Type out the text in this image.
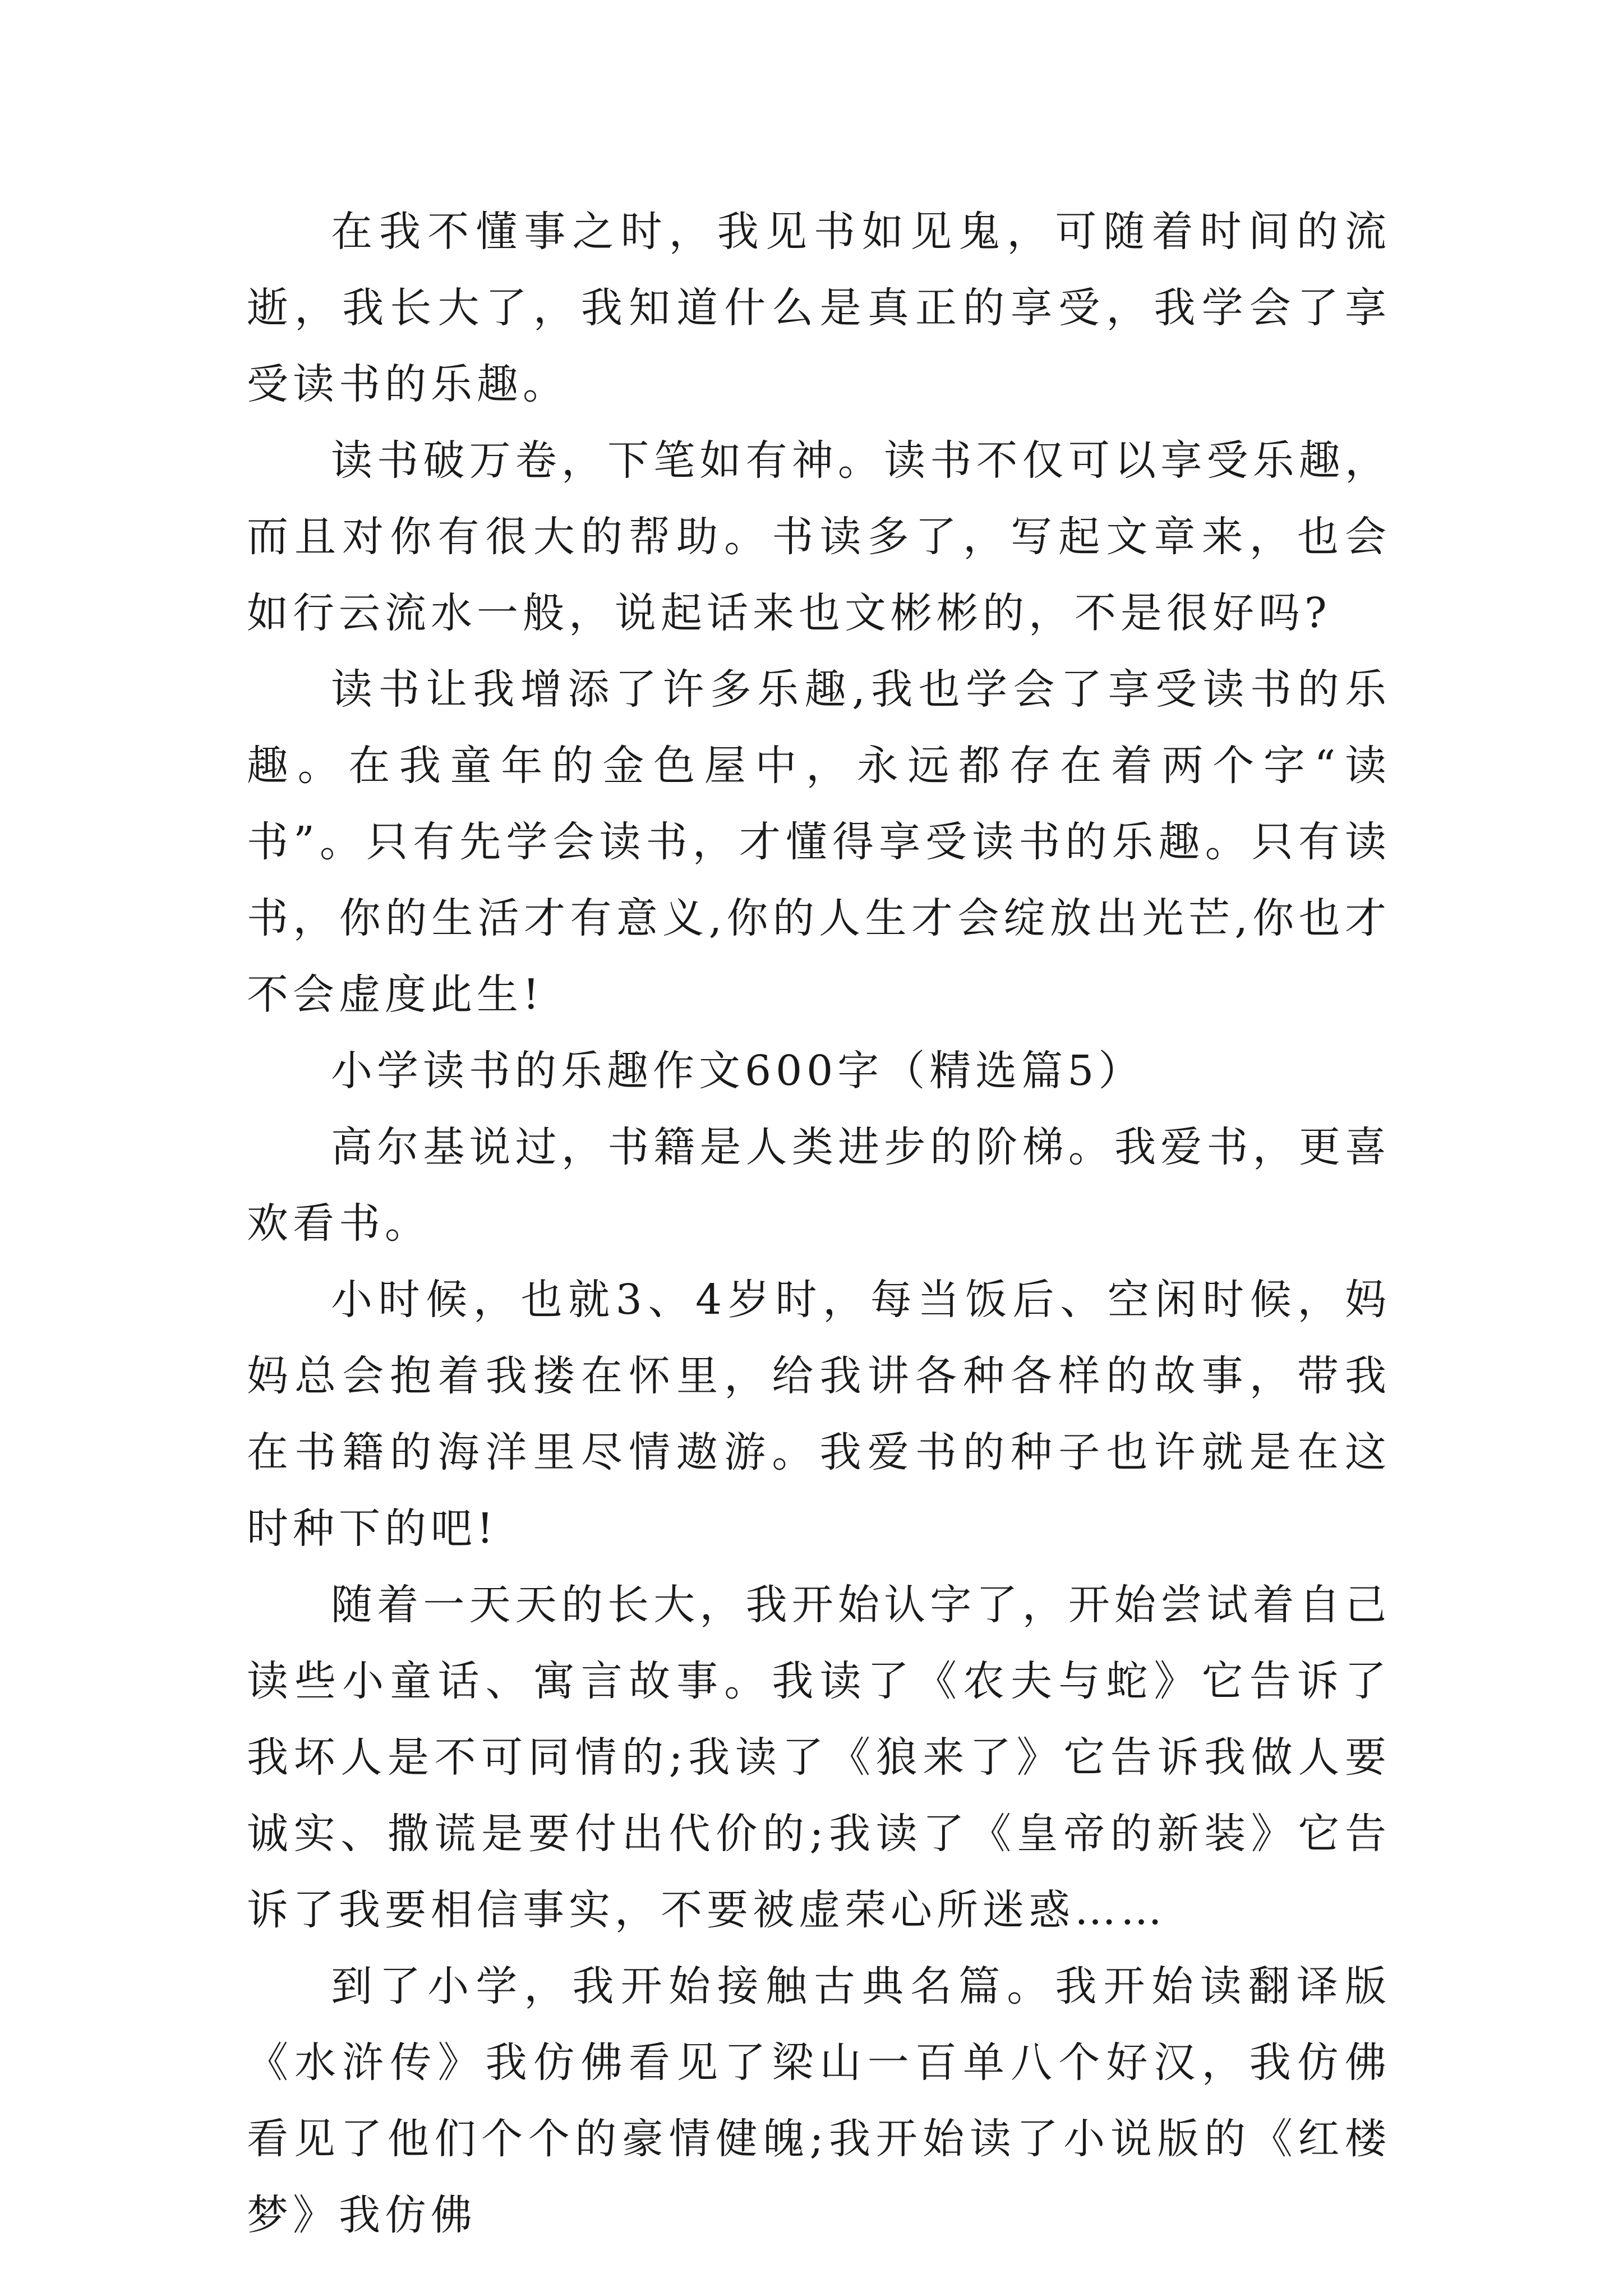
在我不懂事之时，我见书如见鬼，可随着时间的流逝，我长大了，我知道什么是真正的享受，我学会了享受读书的乐趣。

读书破万卷，下笔如有神。读书不仅可以享受乐趣，而且对你有很大的帮助。书读多了，写起文章来，也会如行云流水一般，说起话来也文彬彬的，不是很好吗?

读书让我增添了许多乐趣,我也学会了享受读书的乐趣。在我童年的金色屋中，永远都存在着两个字“读书”。只有先学会读书，才懂得享受读书的乐趣。只有读书，你的生活才有意义,你的人生才会绽放出光芒,你也才不会虚度此生!

小学读书的乐趣作文600字（精选篇5）

高尔基说过，书籍是人类进步的阶梯。我爱书，更喜欢看书。

小时候，也就3、4岁时，每当饭后、空闲时候，妈妈总会抱着我搂在怀里，给我讲各种各样的故事，带我在书籍的海洋里尽情遨游。我爱书的种子也许就是在这时种下的吧!

随着一天天的长大，我开始认字了，开始尝试着自己读些小童话、寓言故事。我读了《农夫与蛇》它告诉了我坏人是不可同情的;我读了《狼来了》它告诉我做人要诚实、撒谎是要付出代价的;我读了《皇帝的新装》它告诉了我要相信事实，不要被虚荣心所迷惑……

到了小学，我开始接触古典名篇。我开始读翻译版《水浒传》我仿佛看见了梁山一百单八个好汉，我仿佛看见了他们个个的豪情健魄;我开始读了小说版的《红楼梦》我仿佛
